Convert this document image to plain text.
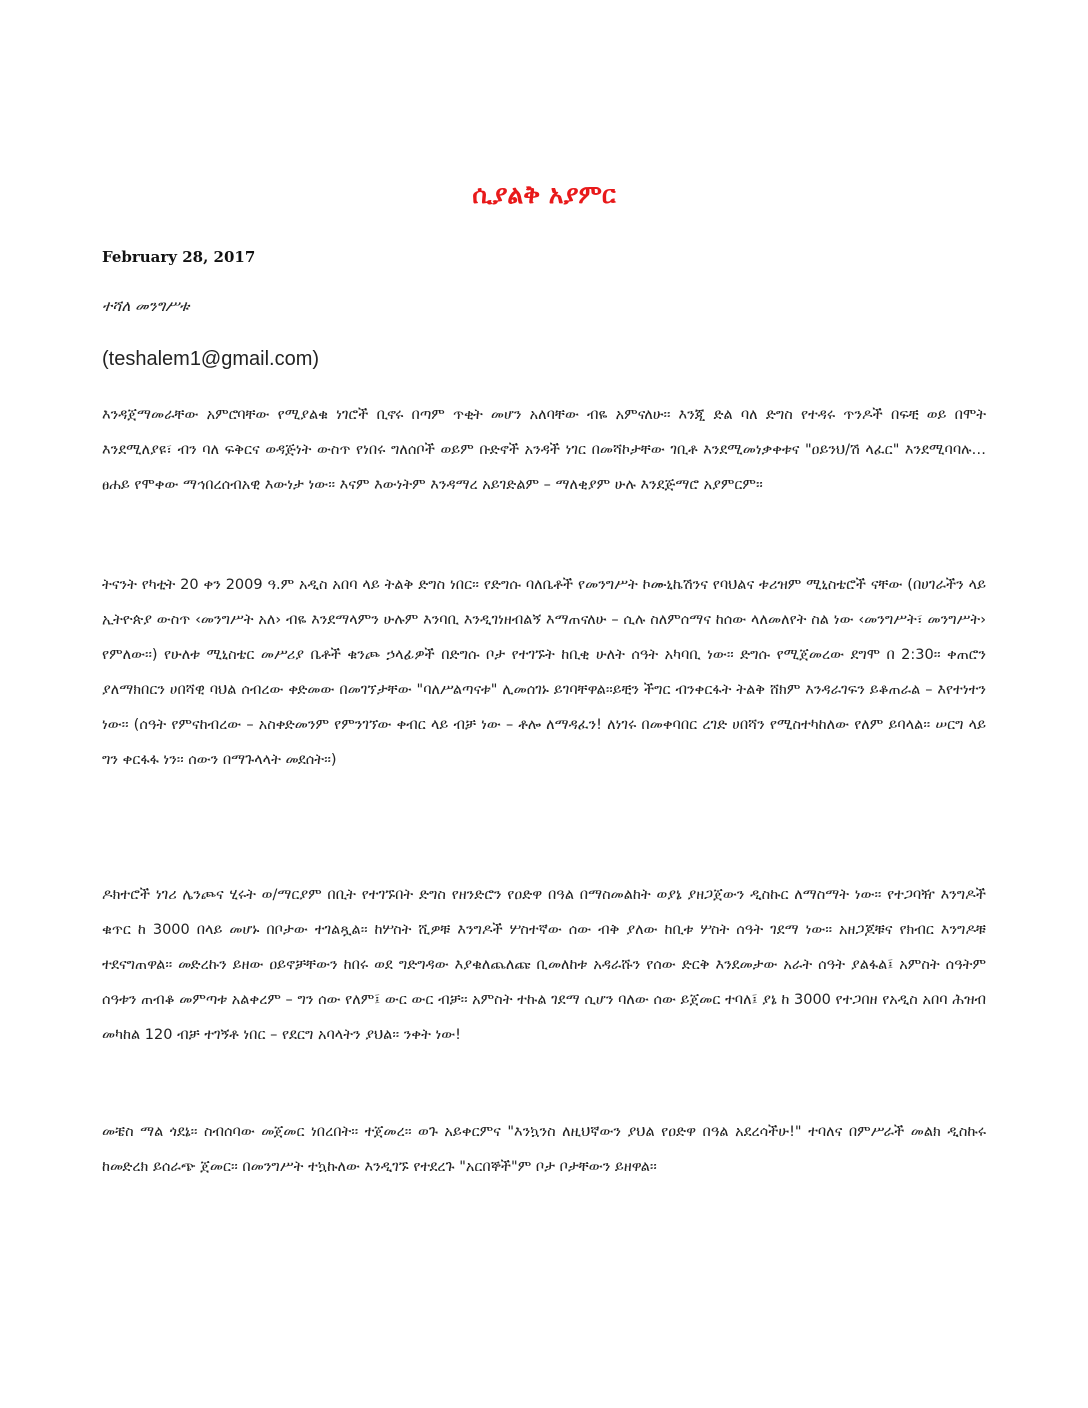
ሲያልቅ አያምር
February 28, 2017
ተሻለ መንግሥቱ
(teshalem1@gmail.com)

እንዳጀማመራቸው አምሮባቸው የሚያልቁ ነገሮች ቢኖሩ በጣም ጥቂት መሆን አለባቸው ብዬ አምናለሁ፡፡ እንጂ ድል ባለ ድግስ የተዳሩ ጥንዶች በፍቺ ወይ በሞት እንደሚለያዩ፣ ብን ባለ ፍቅርና ወዳጅነት ውስጥ የነበሩ ግለሰቦች ወይም ቡድኖች አንዳች ነገር በመሻኮታቸው ገቢቶ እንደሚመነቃቀቱና "ዐይንህ/ሽ ላፈር" እንደሚባባሉ… ፀሐይ የሞቀው ማኅበረሰብአዊ እውነታ ነው፡፡ እናም እውነትም እንዳማረ አይገድልም – ማለቂያም ሁሉ እንደጅማሮ አያምርም፡፡

ትናንት የካቲት 20 ቀን 2009 ዓ.ም አዲስ አበባ ላይ ትልቅ ድግስ ነበር፡፡ የድግሱ ባለቤቶች የመንግሥት ኮሙኒኬሽንና የባህልና ቱሪዝም ሚኒስቴሮች ናቸው (በሀገራችን ላይ ኢትዮጵያ ውስጥ ‹መንግሥት አለ› ብዬ እንደማላምን ሁሉም እንባቢ እንዲገነዘብልኝ እማጠናለሁ – ሲሉ ስለምሰማና ከሰው ላለመለየት ስል ነው ‹መንግሥት፣ መንግሥት› የምለው፡፡) የሁለቱ ሚኒስቴር መሥሪያ ቤቶች ቁንጮ ኃላፊዎች በድግሱ ቦታ የተገኙት ከቢቂ ሁለት ሰዓት አካባቢ ነው፡፡ ድግሱ የሚጀመረው ደግሞ በ 2:30፡፡ ቀጠሮን ያለማክበርን ሀበሻዊ ባህል ሰብረው ቀድመው በመገኘታቸው "ባለሥልጣናቱ" ሊመሰገኑ ይገባቸዋል፡፡ይቺን ችግር ብንቀርፋት ትልቅ ሸክም እንዳራገፍን ይቆጠራል – እየተነተን ነው፡፡ (ሰዓት የምናከብረው – አስቀድመንም የምንገኘው ቀብር ላይ ብቻ ነው – ቶሎ ለማዳፈን! ለነገሩ በመቀባበር ረገድ ሀበሻን የሚስተካከለው የለም ይባላል፡፡ ሠርግ ላይ ግን ቀርፋፋ ነን፡፡ ሰውን በማጉላላት መደሰት፡፡)

ዶክተሮች ነገሪ ሌንጮና ሂሩት ወ/ማርያም በቢት የተገኙበት ድግስ የዘንድሮን የዐድዋ በዓል በማስመልከት ወያኔ ያዘጋጀውን ዲስኩር ለማስማት ነው፡፡ የተጋባዥ እንግዶች ቁጥር ከ 3000 በላይ መሆኑ በቦታው ተገልጿል፡፡ ከሦስት ሺዎቹ እንግዶች ሦስተኛው ሰው ብቅ ያለው ከቢቱ ሦስት ሰዓት ገደማ ነው፡፡ አዘጋጆቹና የክብር እንግዶቹ ተደናግጠዋል፡፡ መድረኩን ይዘው ዐይኖቻቸውን ከበሩ ወደ ግድግዳው እያቁለጨለጩ ቢመለከቱ አዳራሹን የሰው ድርቅ እንደመታው አራት ሰዓት ያልፋል፤ አምስት ሰዓትም ሰዓቱን ጠብቆ መምጣቱ አልቀረም – ግን ሰው የለም፤ ውር ውር ብቻ፡፡ አምስት ተኩል ገደማ ሲሆን ባለው ሰው ይጀመር ተባለ፤ ያኔ ከ 3000 የተጋበዘ የአዲስ አበባ ሕዝብ መካከል 120 ብቻ ተገኝቶ ነበር – የደርግ አባላትን ያህል፡፡ ንቀት ነው!

መቼስ ማል ጎደኔ፡፡ ስብሰባው መጀመር ነበረበት፡፡ ተጀመረ፡፡ ወጉ አይቀርምና "እንኳንስ ለዚህኛውን ያህል የዐድዋ በዓል አደረሳችሁ!" ተባለና በምሥራች መልክ ዲስኩሩ ከመድረክ ይሰራጭ ጀመር፡፡ በመንግሥት ተኳኩለው እንዲገኙ የተደረጉ "አርበኞች"ም ቦታ ቦታቸውን ይዘዋል፡፡
